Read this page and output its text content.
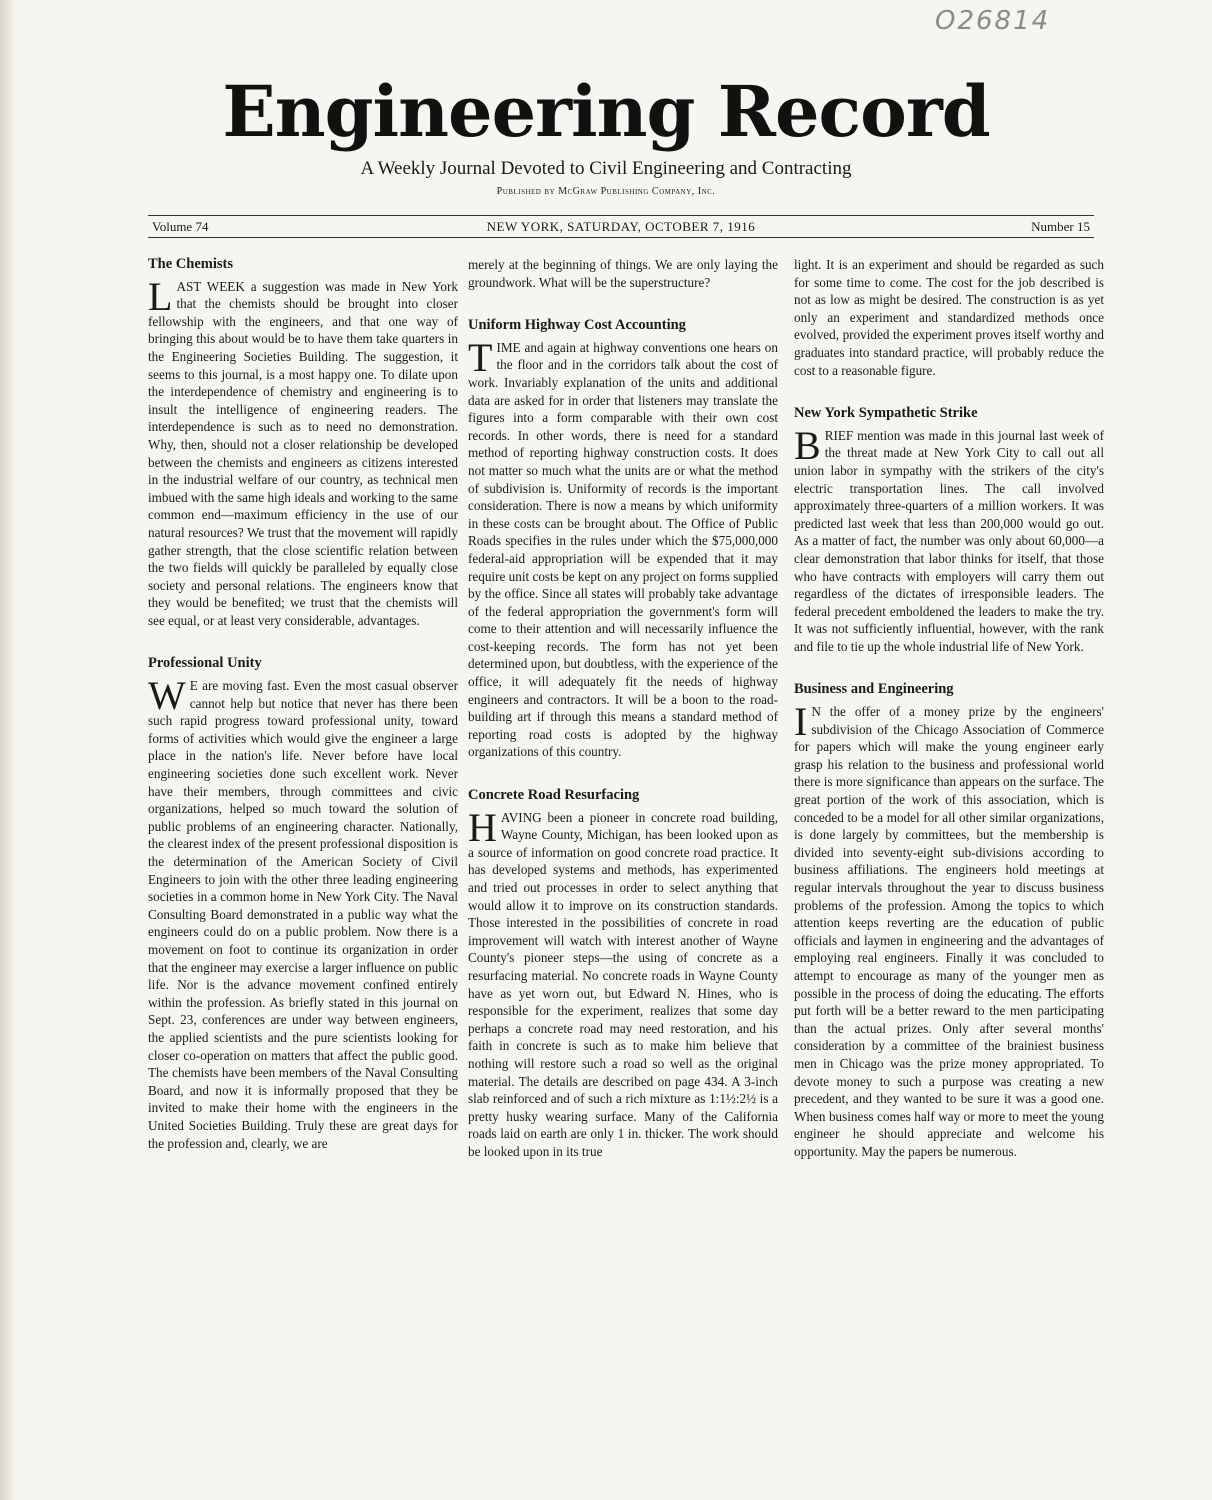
O26814
Engineering Record
A Weekly Journal Devoted to Civil Engineering and Contracting
Published by McGraw Publishing Company, Inc.
NEW YORK, SATURDAY, OCTOBER 7, 1916
Volume 74	Number 15
The Chemists

LAST WEEK a suggestion was made in New York that the chemists should be brought into closer fellowship with the engineers, and that one way of bringing this about would be to have them take quarters in the Engineering Societies Building. The suggestion, it seems to this journal, is a most happy one. To dilate upon the interdependence of chemistry and engineering is to insult the intelligence of engineering readers. The interdependence is such as to need no demonstration. Why, then, should not a closer relationship be developed between the chemists and engineers as citizens interested in the industrial welfare of our country, as technical men imbued with the same high ideals and working to the same common end—maximum efficiency in the use of our natural resources? We trust that the movement will rapidly gather strength, that the close scientific relation between the two fields will quickly be paralleled by equally close society and personal relations. The engineers know that they would be benefited; we trust that the chemists will see equal, or at least very considerable, advantages.

Professional Unity

W E are moving fast. Even the most casual observer cannot help but notice that never has there been such rapid progress toward professional unity, toward forms of activities which would give the engineer a large place in the nation's life. Never before have local engineering societies done such excellent work. Never have their members, through committees and civic organizations, helped so much toward the solution of public problems of an engineering character. Nationally, the clearest index of the present professional disposition is the determination of the American Society of Civil Engineers to join with the other three leading engineering societies in a common home in New York City. The Naval Consulting Board demonstrated in a public way what the engineers could do on a public problem. Now there is a movement on foot to continue its organization in order that the engineer may exercise a larger influence on public life. Nor is the advance movement confined entirely within the profession. As briefly stated in this journal on Sept. 23, conferences are under way between engineers, the applied scientists and the pure scientists looking for closer co-operation on matters that affect the public good. The chemists have been members of the Naval Consulting Board, and now it is informally proposed that they be invited to make their home with the engineers in the United Societies Building. Truly these are great days for the profession and, clearly, we are

merely at the beginning of things. We are only laying the groundwork. What will be the superstructure?

Uniform Highway Cost Accounting

TIME and again at highway conventions one hears on the floor and in the corridors talk about the cost of work. Invariably explanation of the units and additional data are asked for in order that listeners may translate the figures into a form comparable with their own cost records. In other words, there is need for a standard method of reporting highway construction costs. It does not matter so much what the units are or what the method of subdivision is. Uniformity of records is the important consideration. There is now a means by which uniformity in these costs can be brought about. The Office of Public Roads specifies in the rules under which the $75,000,000 federal-aid appropriation will be expended that it may require unit costs be kept on any project on forms supplied by the office. Since all states will probably take advantage of the federal appropriation the government's form will come to their attention and will necessarily influence the cost-keeping records. The form has not yet been determined upon, but doubtless, with the experience of the office, it will adequately fit the needs of highway engineers and contractors. It will be a boon to the road-building art if through this means a standard method of reporting road costs is adopted by the highway organizations of this country.

Concrete Road Resurfacing

HAVING been a pioneer in concrete road building, Wayne County, Michigan, has been looked upon as a source of information on good concrete road practice. It has developed systems and methods, has experimented and tried out processes in order to select anything that would allow it to improve on its construction standards. Those interested in the possibilities of concrete in road improvement will watch with interest another of Wayne County's pioneer steps—the using of concrete as a resurfacing material. No concrete roads in Wayne County have as yet worn out, but Edward N. Hines, who is responsible for the experiment, realizes that some day perhaps a concrete road may need restoration, and his faith in concrete is such as to make him believe that nothing will restore such a road so well as the original material. The details are described on page 434. A 3-inch slab reinforced and of such a rich mixture as 1:1½:2½ is a pretty husky wearing surface. Many of the California roads laid on earth are only 1 in. thicker. The work should be looked upon in its true

light. It is an experiment and should be regarded as such for some time to come. The cost for the job described is not as low as might be desired. The construction is as yet only an experiment and standardized methods once evolved, provided the experiment proves itself worthy and graduates into standard practice, will probably reduce the cost to a reasonable figure.

New York Sympathetic Strike

BRIEF mention was made in this journal last week of the threat made at New York City to call out all union labor in sympathy with the strikers of the city's electric transportation lines. The call involved approximately three-quarters of a million workers. It was predicted last week that less than 200,000 would go out. As a matter of fact, the number was only about 60,000—a clear demonstration that labor thinks for itself, that those who have contracts with employers will carry them out regardless of the dictates of irresponsible leaders. The federal precedent emboldened the leaders to make the try. It was not sufficiently influential, however, with the rank and file to tie up the whole industrial life of New York.

Business and Engineering

I N the offer of a money prize by the engineers' subdivision of the Chicago Association of Commerce for papers which will make the young engineer early grasp his relation to the business and professional world there is more significance than appears on the surface. The great portion of the work of this association, which is conceded to be a model for all other similar organizations, is done largely by committees, but the membership is divided into seventy-eight sub-divisions according to business affiliations. The engineers hold meetings at regular intervals throughout the year to discuss business problems of the profession. Among the topics to which attention keeps reverting are the education of public officials and laymen in engineering and the advantages of employing real engineers. Finally it was concluded to attempt to encourage as many of the younger men as possible in the process of doing the educating. The efforts put forth will be a better reward to the men participating than the actual prizes. Only after several months' consideration by a committee of the brainiest business men in Chicago was the prize money appropriated. To devote money to such a purpose was creating a new precedent, and they wanted to be sure it was a good one. When business comes half way or more to meet the young engineer he should appreciate and welcome his opportunity. May the papers be numerous.
